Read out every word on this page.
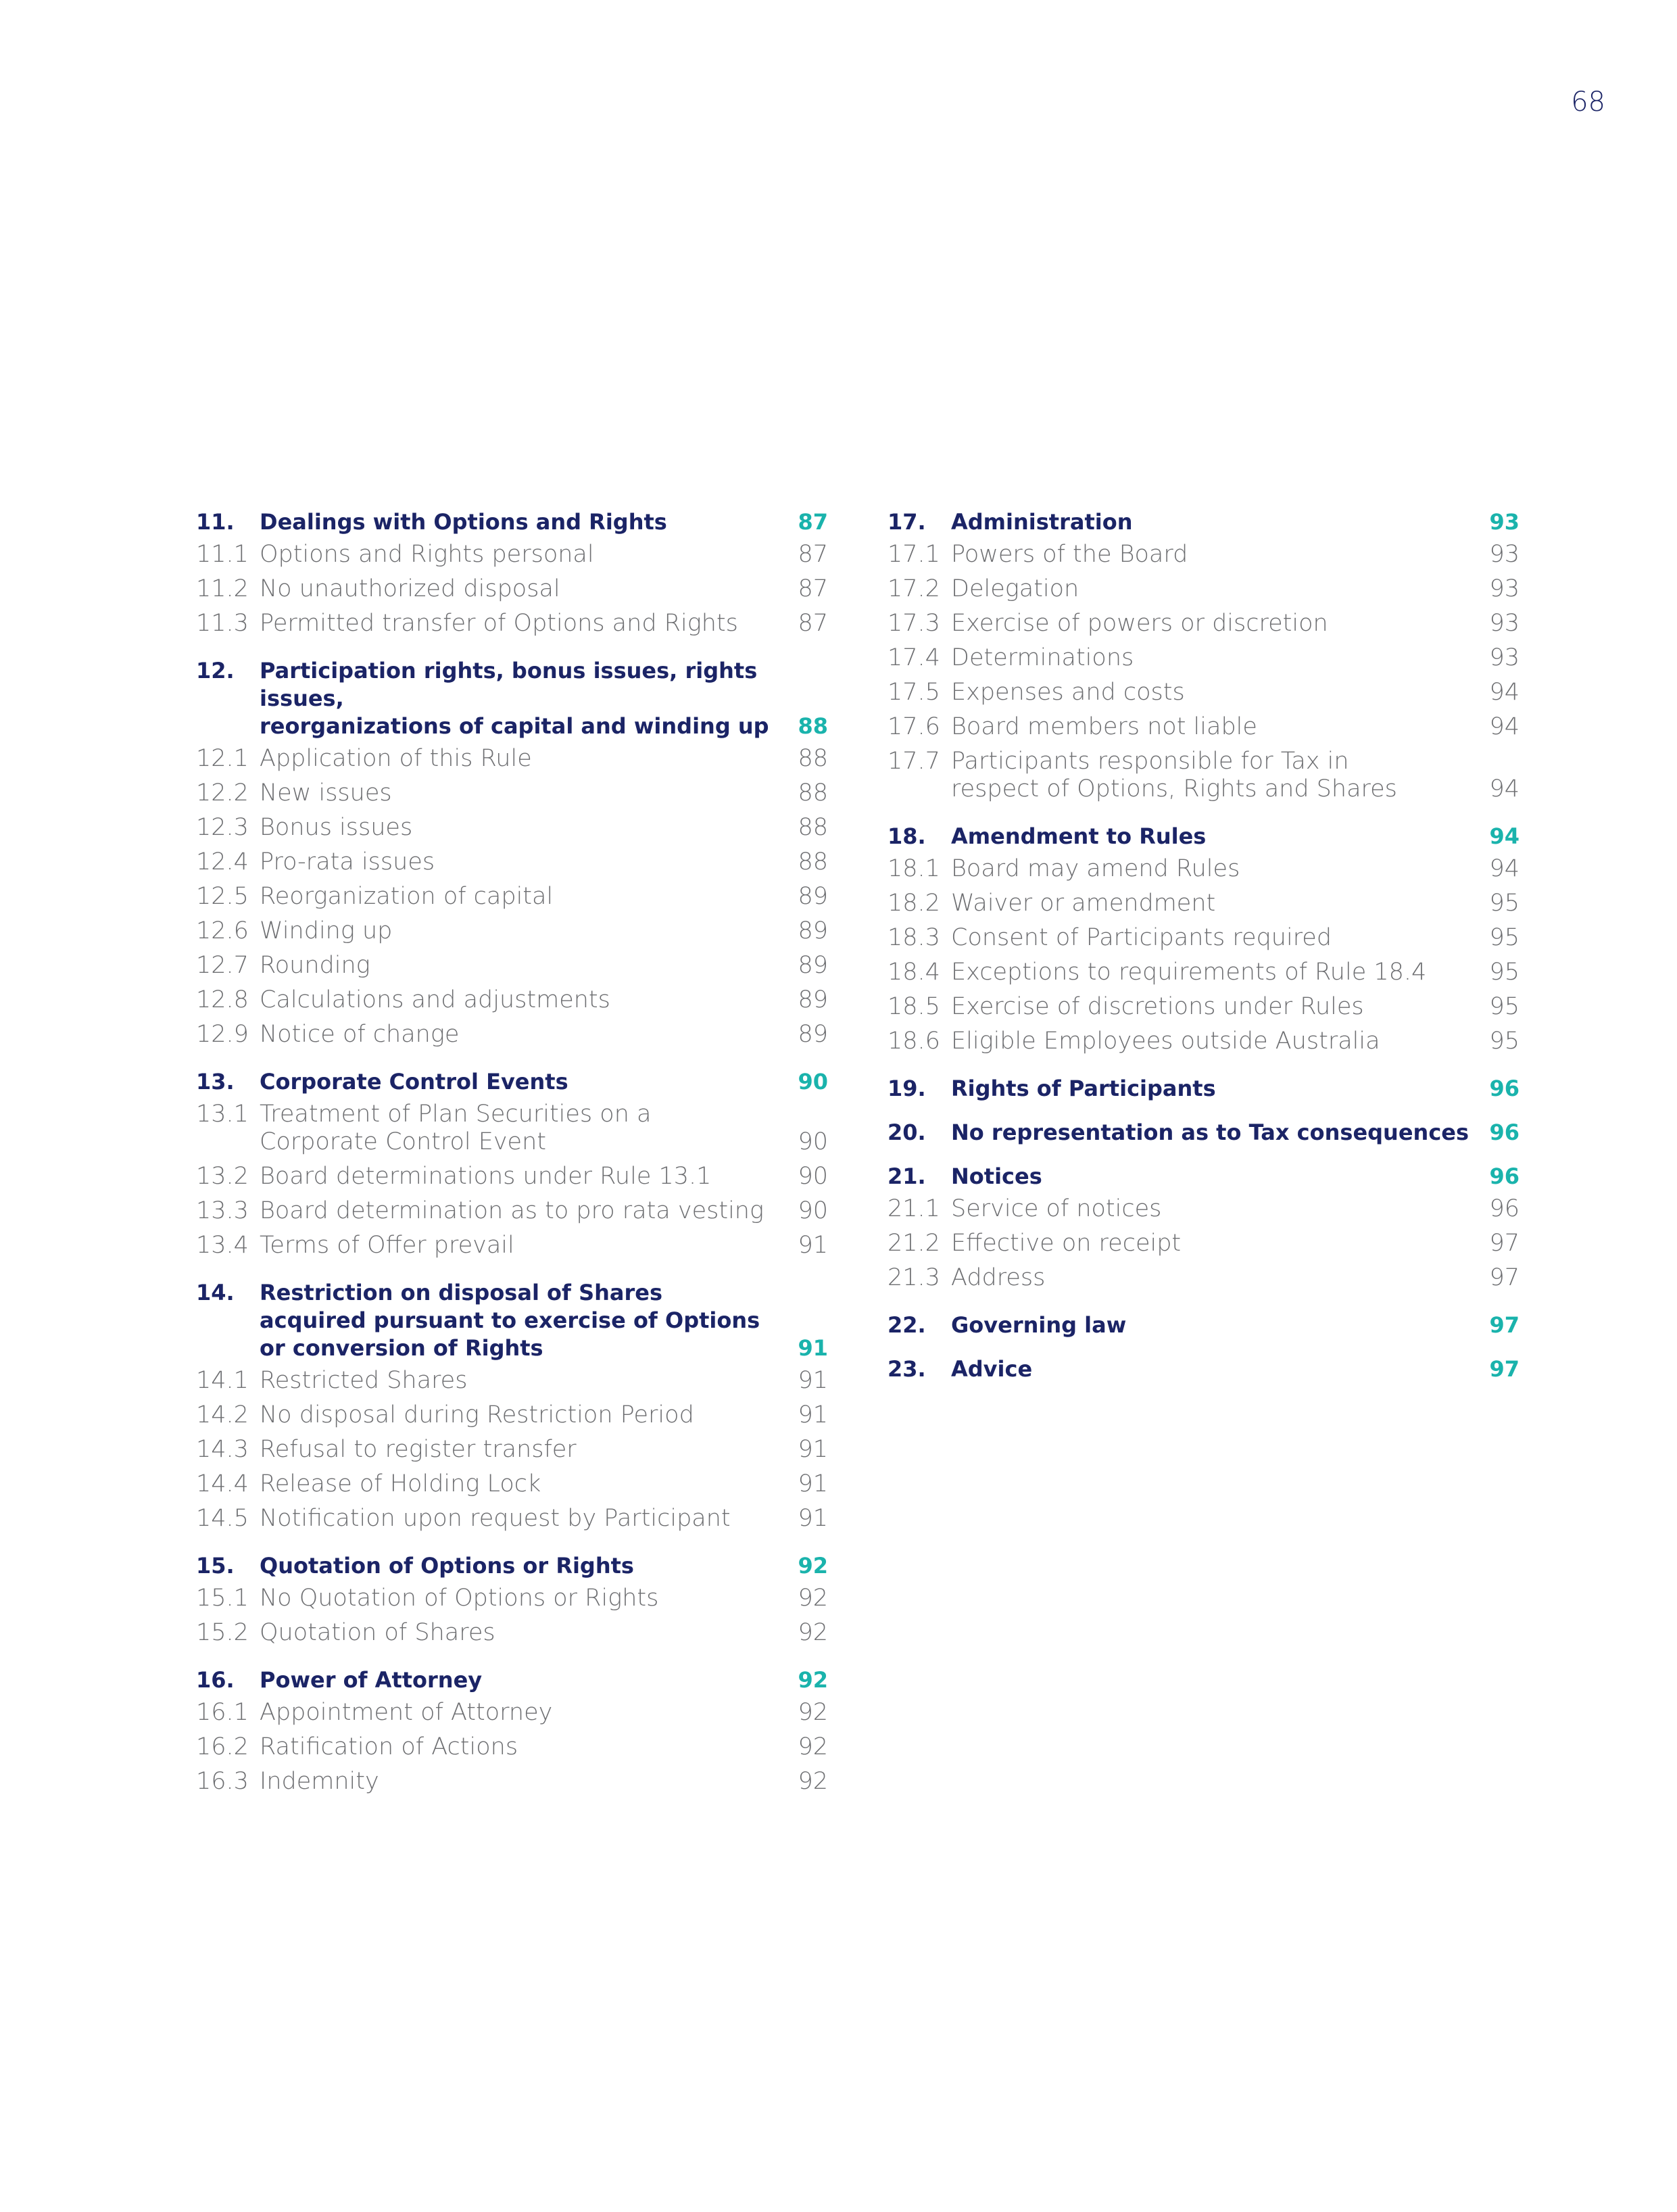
68
11.	Dealings with Options and Rights	87
11.1 Options and Rights personal	87
11.2 No unauthorized disposal	87
11.3 Permitted transfer of Options and Rights	87
12.	Participation rights, bonus issues, rights issues,
reorganizations of capital and winding up	88
12.1 Application of this Rule	88
12.2 New issues	88
12.3 Bonus issues	88
12.4 Pro-rata issues	88
12.5 Reorganization of capital	89
12.6 Winding up	89
12.7 Rounding	89
12.8 Calculations and adjustments	89
12.9 Notice of change	89
13.	Corporate Control Events	90
13.1 Treatment of Plan Securities on a
Corporate Control Event	90
13.2 Board determinations under Rule 13.1	90
13.3 Board determination as to pro rata vesting	90
13.4 Terms of Offer prevail	91
14.	Restriction on disposal of Shares
acquired pursuant to exercise of Options
or conversion of Rights	91
14.1 Restricted Shares	91
14.2 No disposal during Restriction Period	91
14.3 Refusal to register transfer	91
14.4 Release of Holding Lock	91
14.5 Notification upon request by Participant	91
15.	Quotation of Options or Rights	92
15.1 No Quotation of Options or Rights	92
15.2 Quotation of Shares	92
16.	Power of Attorney	92
16.1 Appointment of Attorney	92
16.2 Ratification of Actions	92
16.3 Indemnity	92
17.	Administration	93
17.1 Powers of the Board	93
17.2 Delegation	93
17.3 Exercise of powers or discretion	93
17.4 Determinations	93
17.5 Expenses and costs	94
17.6 Board members not liable	94
17.7 Participants responsible for Tax in
respect of Options, Rights and Shares	94
18.	Amendment to Rules	94
18.1 Board may amend Rules	94
18.2 Waiver or amendment	95
18.3 Consent of Participants required	95
18.4 Exceptions to requirements of Rule 18.4	95
18.5 Exercise of discretions under Rules	95
18.6 Eligible Employees outside Australia	95
19.	Rights of Participants	96
20.	No representation as to Tax consequences 96
21.	Notices	96
21.1 Service of notices	96
21.2 Effective on receipt	97
21.3 Address	97
22.	Governing law	97
23.	Advice	97
